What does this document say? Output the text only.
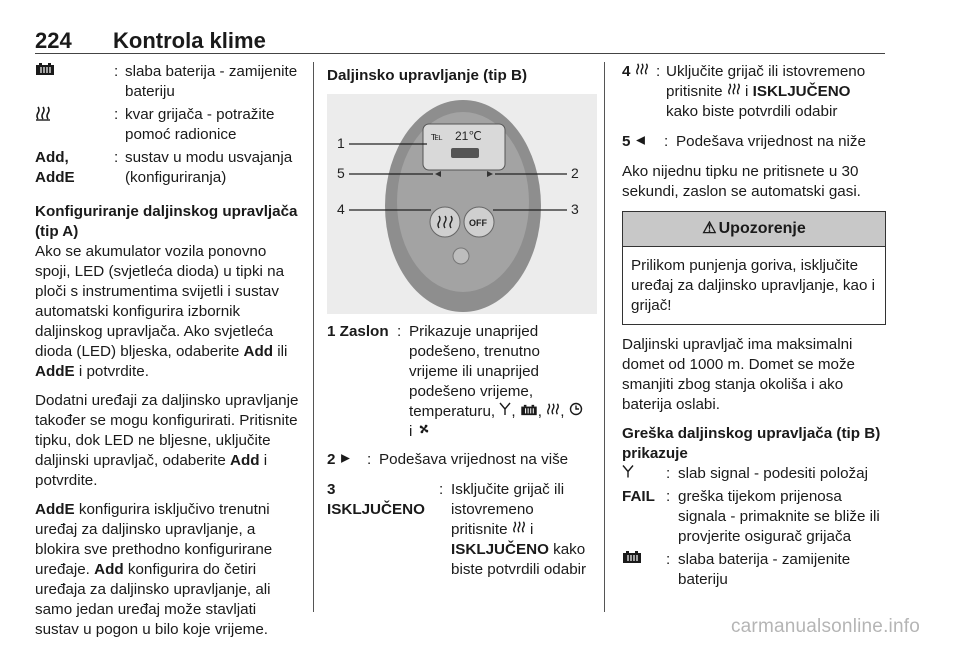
224 Kontrola klime
: slaba baterija - zamijenite bateriju
: kvar grijača - potražite pomoć radionice
Add, AddE
: sustav u modu usvajanja (konfiguriranja)

Konfiguriranje daljinskog upravljača (tip A)

Ako se akumulator vozila ponovno spoji, LED (svjetleća dioda) u tipki na ploči s instrumentima svijetli i sustav automatski konfigurira izbornik daljinskog upravljača. Ako svjetleća dioda (LED) bljeska, odaberite Add ili AddE i potvrdite.

Dodatni uređaji za daljinsko upravljanje također se mogu konfigurirati. Pritisnite tipku, dok LED ne bljesne, uključite daljinski upravljač, odaberite Add i potvrdite.

AddE konfigurira isključivo trenutni uređaj za daljinsko upravljanje, a blokira sve prethodno konfigurirane uređaje. Add konfigurira do četiri uređaja za daljinsko upravljanje, ali samo jedan uređaj može stavljati sustav u pogon u bilo koje vrijeme.

Daljinsko upravljanje (tip B)

℡ 21℃
OFF
1
5
4
2
3
1 Zaslon : Prikazuje unaprijed podešeno, trenutno vrijeme ili unaprijed podešeno vrijeme, temperaturu, , , ,
i
2	: Podešava vrijednost na više
3 ISKLJUČENO
: Isključite grijač ili istovremeno pritisnite  i ISKLJUČENO kako biste potvrdili odabir
4	: Uključite grijač ili istovremeno pritisnite  i ISKLJUČENO kako biste potvrdili odabir
5	: Podešava vrijednost na niže

Ako nijednu tipku ne pritisnete u 30 sekundi, zaslon se automatski gasi.

⚠ Upozorenje
Prilikom punjenja goriva, isključite uređaj za daljinsko upravljanje, kao i grijač!

Daljinski upravljač ima maksimalni domet od 1000 m. Domet se može smanjiti zbog stanja okoliša i ako baterija oslabi.

Greška daljinskog upravljača (tip B) prikazuje

: slab signal - podesiti položaj
FAIL : greška tijekom prijenosa signala - primaknite se bliže ili provjerite osigurač grijača
: slaba baterija - zamijenite bateriju
carmanualsonline.info
